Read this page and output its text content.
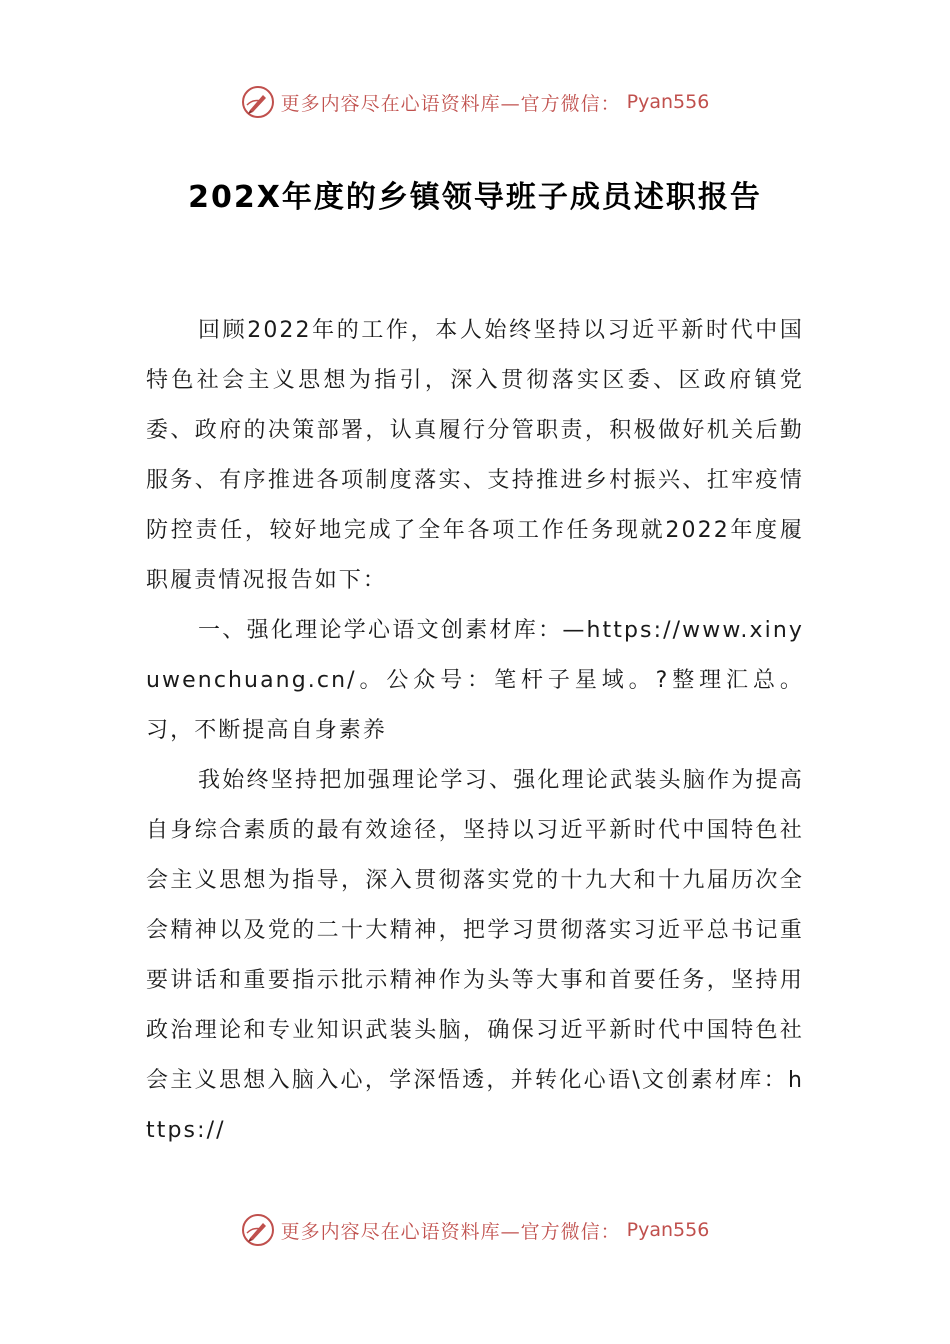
更多内容尽在心语资料库—官方微信： Pyan556
202X年度的乡镇领导班子成员述职报告

回顾2022年的工作，本人始终坚持以习近平新时代中国特色社会主义思想为指引，深入贯彻落实区委、区政府镇党委、政府的决策部署，认真履行分管职责，积极做好机关后勤服务、有序推进各项制度落实、支持推进乡村振兴、扛牢疫情防控责任，较好地完成了全年各项工作任务现就2022年度履职履责情况报告如下：

一、强化理论学心语文创素材库：—https://www.xinyuwenchuang.cn/。公众号：笔杆子星域。?整理汇总。习，不断提高自身素养

我始终坚持把加强理论学习、强化理论武装头脑作为提高自身综合素质的最有效途径，坚持以习近平新时代中国特色社会主义思想为指导，深入贯彻落实党的十九大和十九届历次全会精神以及党的二十大精神，把学习贯彻落实习近平总书记重要讲话和重要指示批示精神作为头等大事和首要任务，坚持用政治理论和专业知识武装头脑，确保习近平新时代中国特色社会主义思想入脑入心，学深悟透，并转化心语\文创素材库：https://

更多内容尽在心语资料库—官方微信： Pyan556
